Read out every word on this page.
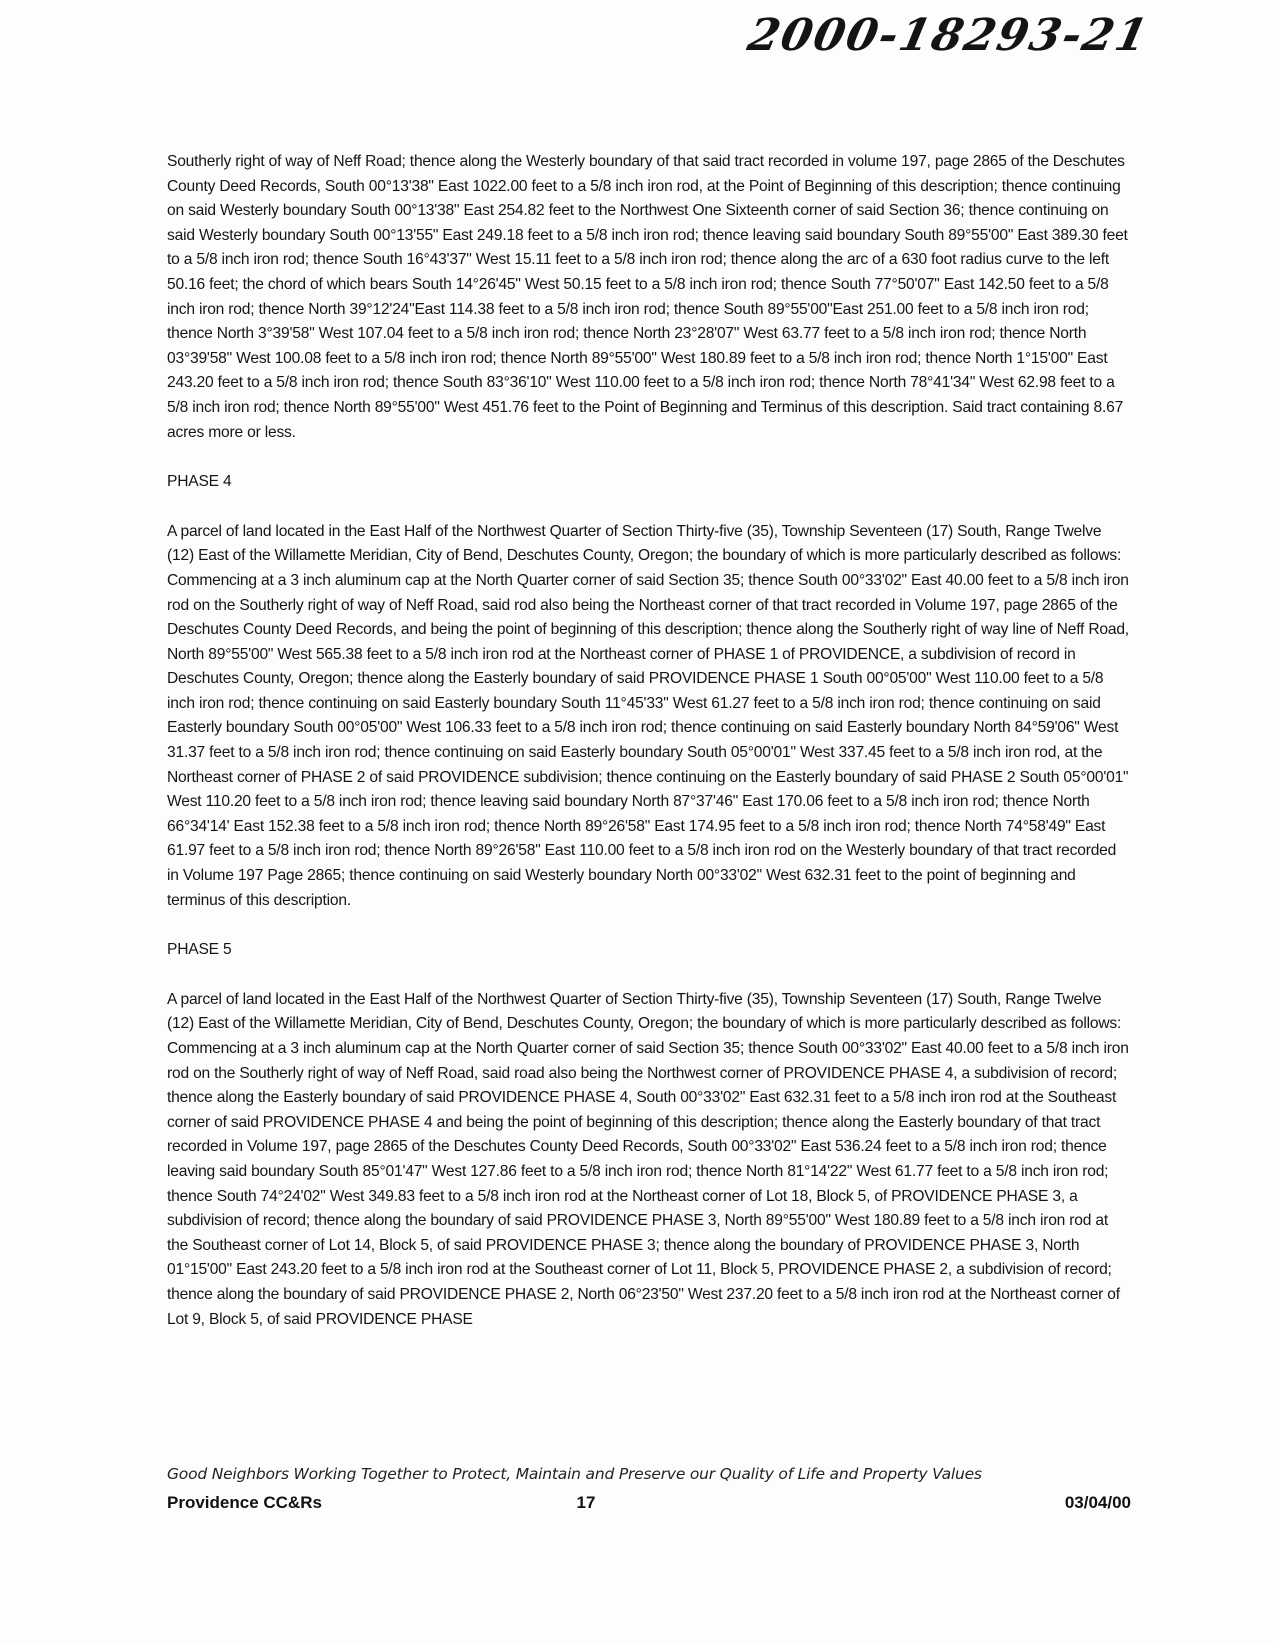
2000-18293-21

Southerly right of way of Neff Road; thence along the Westerly boundary of that said tract recorded in volume 197, page 2865 of the Deschutes County Deed Records, South 00°13'38" East 1022.00 feet to a 5/8 inch iron rod, at the Point of Beginning of this description; thence continuing on said Westerly boundary South 00°13'38" East 254.82 feet to the Northwest One Sixteenth corner of said Section 36; thence continuing on said Westerly boundary South 00°13'55" East 249.18 feet to a 5/8 inch iron rod; thence leaving said boundary South 89°55'00" East 389.30 feet to a 5/8 inch iron rod; thence South 16°43'37" West 15.11 feet to a 5/8 inch iron rod; thence along the arc of a 630 foot radius curve to the left 50.16 feet; the chord of which bears South 14°26'45" West 50.15 feet to a 5/8 inch iron rod; thence South 77°50'07" East 142.50 feet to a 5/8 inch iron rod; thence North 39°12'24"East 114.38 feet to a 5/8 inch iron rod; thence South 89°55'00"East 251.00 feet to a 5/8 inch iron rod; thence North 3°39'58" West 107.04 feet to a 5/8 inch iron rod; thence North 23°28'07" West 63.77 feet to a 5/8 inch iron rod; thence North 03°39'58" West 100.08 feet to a 5/8 inch iron rod; thence North 89°55'00" West 180.89 feet to a 5/8 inch iron rod; thence North 1°15'00" East 243.20 feet to a 5/8 inch iron rod; thence South 83°36'10" West 110.00 feet to a 5/8 inch iron rod; thence North 78°41'34" West 62.98 feet to a 5/8 inch iron rod; thence North 89°55'00" West 451.76 feet to the Point of Beginning and Terminus of this description. Said tract containing 8.67 acres more or less.

PHASE 4

A parcel of land located in the East Half of the Northwest Quarter of Section Thirty-five (35), Township Seventeen (17) South, Range Twelve (12) East of the Willamette Meridian, City of Bend, Deschutes County, Oregon; the boundary of which is more particularly described as follows: Commencing at a 3 inch aluminum cap at the North Quarter corner of said Section 35; thence South 00°33'02" East 40.00 feet to a 5/8 inch iron rod on the Southerly right of way of Neff Road, said rod also being the Northeast corner of that tract recorded in Volume 197, page 2865 of the Deschutes County Deed Records, and being the point of beginning of this description; thence along the Southerly right of way line of Neff Road, North 89°55'00" West 565.38 feet to a 5/8 inch iron rod at the Northeast corner of PHASE 1 of PROVIDENCE, a subdivision of record in Deschutes County, Oregon; thence along the Easterly boundary of said PROVIDENCE PHASE 1 South 00°05'00" West 110.00 feet to a 5/8 inch iron rod; thence continuing on said Easterly boundary South 11°45'33" West 61.27 feet to a 5/8 inch iron rod; thence continuing on said Easterly boundary South 00°05'00" West 106.33 feet to a 5/8 inch iron rod; thence continuing on said Easterly boundary North 84°59'06" West 31.37 feet to a 5/8 inch iron rod; thence continuing on said Easterly boundary South 05°00'01" West 337.45 feet to a 5/8 inch iron rod, at the Northeast corner of PHASE 2 of said PROVIDENCE subdivision; thence continuing on the Easterly boundary of said PHASE 2 South 05°00'01" West 110.20 feet to a 5/8 inch iron rod; thence leaving said boundary North 87°37'46" East 170.06 feet to a 5/8 inch iron rod; thence North 66°34'14' East 152.38 feet to a 5/8 inch iron rod; thence North 89°26'58" East 174.95 feet to a 5/8 inch iron rod; thence North 74°58'49" East 61.97 feet to a 5/8 inch iron rod; thence North 89°26'58" East 110.00 feet to a 5/8 inch iron rod on the Westerly boundary of that tract recorded in Volume 197 Page 2865; thence continuing on said Westerly boundary North 00°33'02" West 632.31 feet to the point of beginning and terminus of this description.

PHASE 5

A parcel of land located in the East Half of the Northwest Quarter of Section Thirty-five (35), Township Seventeen (17) South, Range Twelve (12) East of the Willamette Meridian, City of Bend, Deschutes County, Oregon; the boundary of which is more particularly described as follows: Commencing at a 3 inch aluminum cap at the North Quarter corner of said Section 35; thence South 00°33'02" East 40.00 feet to a 5/8 inch iron rod on the Southerly right of way of Neff Road, said road also being the Northwest corner of PROVIDENCE PHASE 4, a subdivision of record; thence along the Easterly boundary of said PROVIDENCE PHASE 4, South 00°33'02" East 632.31 feet to a 5/8 inch iron rod at the Southeast corner of said PROVIDENCE PHASE 4 and being the point of beginning of this description; thence along the Easterly boundary of that tract recorded in Volume 197, page 2865 of the Deschutes County Deed Records, South 00°33'02" East 536.24 feet to a 5/8 inch iron rod; thence leaving said boundary South 85°01'47" West 127.86 feet to a 5/8 inch iron rod; thence North 81°14'22" West 61.77 feet to a 5/8 inch iron rod; thence South 74°24'02" West 349.83 feet to a 5/8 inch iron rod at the Northeast corner of Lot 18, Block 5, of PROVIDENCE PHASE 3, a subdivision of record; thence along the boundary of said PROVIDENCE PHASE 3, North 89°55'00" West 180.89 feet to a 5/8 inch iron rod at the Southeast corner of Lot 14, Block 5, of said PROVIDENCE PHASE 3; thence along the boundary of PROVIDENCE PHASE 3, North 01°15'00" East 243.20 feet to a 5/8 inch iron rod at the Southeast corner of Lot 11, Block 5, PROVIDENCE PHASE 2, a subdivision of record; thence along the boundary of said PROVIDENCE PHASE 2, North 06°23'50" West 237.20 feet to a 5/8 inch iron rod at the Northeast corner of Lot 9, Block 5, of said PROVIDENCE PHASE

Good Neighbors Working Together to Protect, Maintain and Preserve our Quality of Life and Property Values
Providence CC&Rs	17	03/04/00
